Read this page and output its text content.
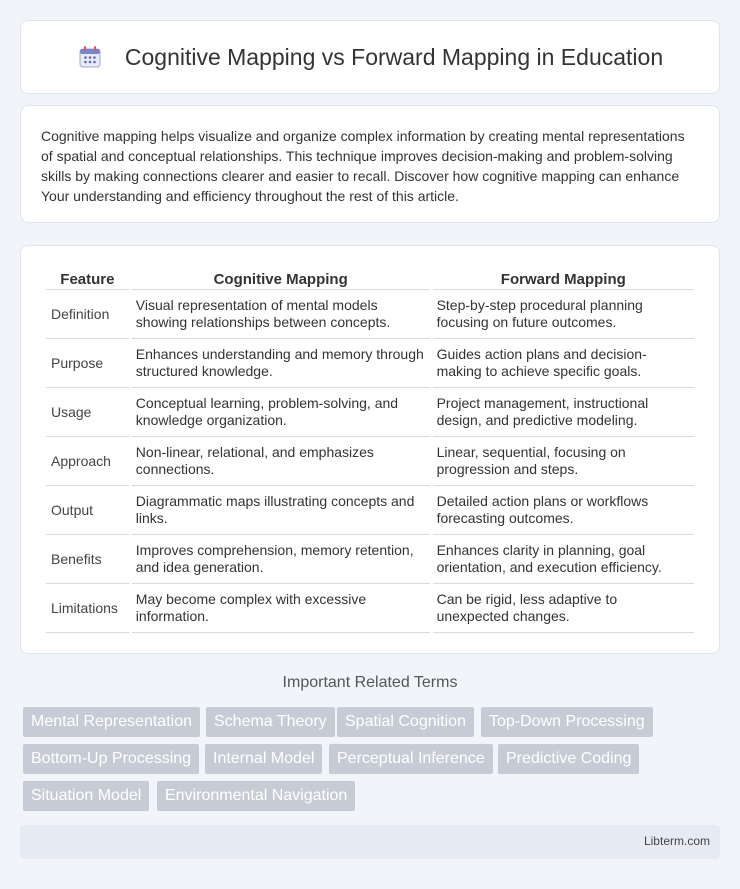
Cognitive Mapping vs Forward Mapping in Education

Cognitive mapping helps visualize and organize complex information by creating mental representations of spatial and conceptual relationships. This technique improves decision-making and problem-solving skills by making connections clearer and easier to recall. Discover how cognitive mapping can enhance Your understanding and efficiency throughout the rest of this article.

Feature	Cognitive Mapping	Forward Mapping
Definition	Visual representation of mental models showing relationships between concepts.	Step-by-step procedural planning focusing on future outcomes.
Purpose	Enhances understanding and memory through structured knowledge.	Guides action plans and decision-making to achieve specific goals.
Usage	Conceptual learning, problem-solving, and knowledge organization.	Project management, instructional design, and predictive modeling.
Approach	Non-linear, relational, and emphasizes connections.	Linear, sequential, focusing on progression and steps.
Output	Diagrammatic maps illustrating concepts and links.	Detailed action plans or workflows forecasting outcomes.
Benefits	Improves comprehension, memory retention, and idea generation.	Enhances clarity in planning, goal orientation, and execution efficiency.
Limitations	May become complex with excessive information.	Can be rigid, less adaptive to unexpected changes.
Important Related Terms
Mental Representation	Schema Theory	Spatial Cognition	Top-Down Processing
Bottom-Up Processing	Internal Model	Perceptual Inference	Predictive Coding
Situation Model	Environmental Navigation
Libterm.com
